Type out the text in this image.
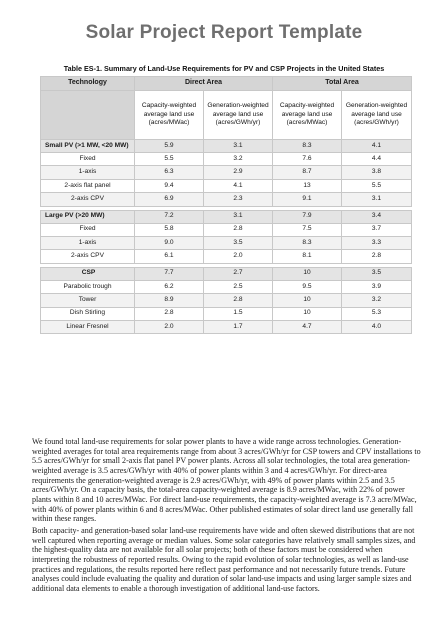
Solar Project Report Template
Table ES-1. Summary of Land-Use Requirements for PV and CSP Projects in the United States
Technology	Direct Area		Total Area	
	Capacity-weighted average land use (acres/MWac)	Generation-weighted average land use (acres/GWh/yr)	Capacity-weighted average land use (acres/MWac)	Generation-weighted average land use (acres/GWh/yr)
Small PV (>1 MW, <20 MW)	5.9	3.1	8.3	4.1
Fixed	5.5	3.2	7.6	4.4
1-axis	6.3	2.9	8.7	3.8
2-axis flat panel	9.4	4.1	13	5.5
2-axis CPV	6.9	2.3	9.1	3.1

Large PV (>20 MW)	7.2	3.1	7.9	3.4
Fixed	5.8	2.8	7.5	3.7
1-axis	9.0	3.5	8.3	3.3
2-axis CPV	6.1	2.0	8.1	2.8

CSP	7.7	2.7	10	3.5
Parabolic trough	6.2	2.5	9.5	3.9
Tower	8.9	2.8	10	3.2
Dish Stirling	2.8	1.5	10	5.3
Linear Fresnel	2.0	1.7	4.7	4.0

We found total land-use requirements for solar power plants to have a wide range across technologies. Generation-weighted averages for total area requirements range from about 3 acres/GWh/yr for CSP towers and CPV installations to 5.5 acres/GWh/yr for small 2-axis flat panel PV power plants. Across all solar technologies, the total area generation-weighted average is 3.5 acres/GWh/yr with 40% of power plants within 3 and 4 acres/GWh/yr. For direct-area requirements the generation-weighted average is 2.9 acres/GWh/yr, with 49% of power plants within 2.5 and 3.5 acres/GWh/yr. On a capacity basis, the total-area capacity-weighted average is 8.9 acres/MWac, with 22% of power plants within 8 and 10 acres/MWac. For direct land-use requirements, the capacity-weighted average is 7.3 acre/MWac, with 40% of power plants within 6 and 8 acres/MWac. Other published estimates of solar direct land use generally fall within these ranges.

Both capacity- and generation-based solar land-use requirements have wide and often skewed distributions that are not well captured when reporting average or median values. Some solar categories have relatively small samples sizes, and the highest-quality data are not available for all solar projects; both of these factors must be considered when interpreting the robustness of reported results. Owing to the rapid evolution of solar technologies, as well as land-use practices and regulations, the results reported here reflect past performance and not necessarily future trends. Future analyses could include evaluating the quality and duration of solar land-use impacts and using larger sample sizes and additional data elements to enable a thorough investigation of additional land-use factors.
